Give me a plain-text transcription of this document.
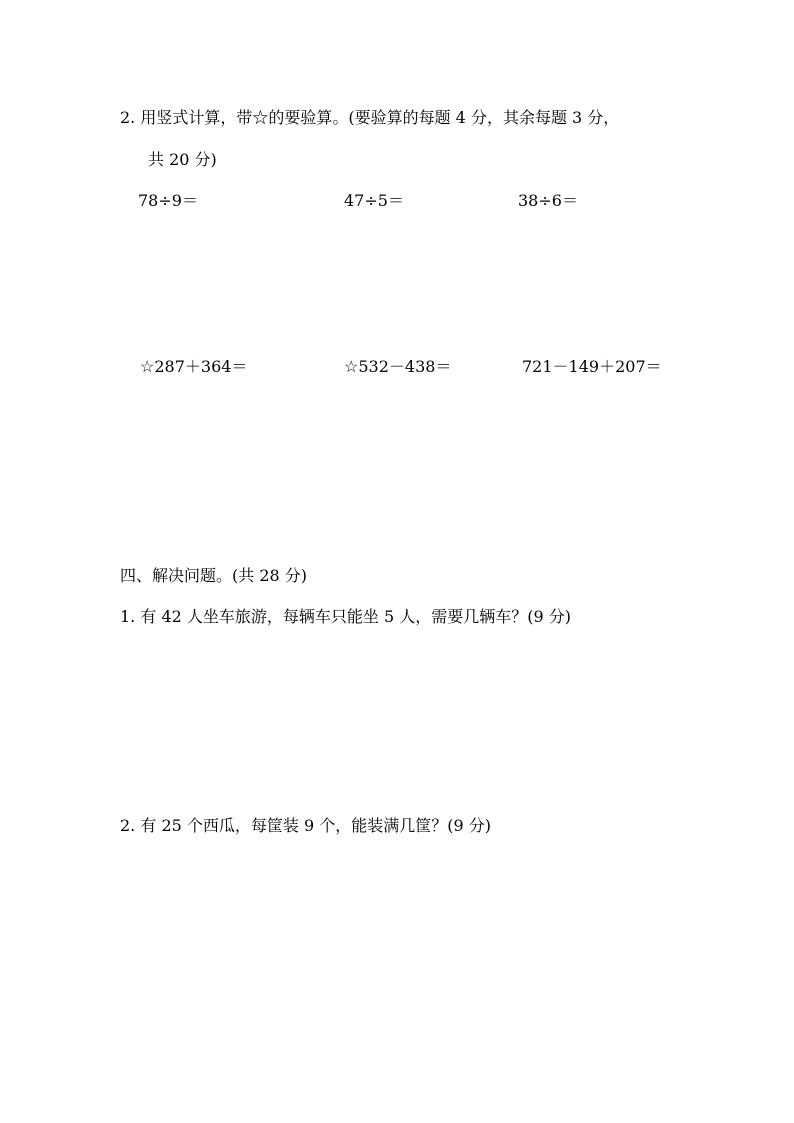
2. 用竖式计算，带☆的要验算。(要验算的每题 4 分，其余每题 3 分，
共 20 分)
78÷9＝	47÷5＝	38÷6＝
☆287＋364＝	☆532－438＝	721－149＋207＝
四、解决问题。(共 28 分)
1. 有 42 人坐车旅游，每辆车只能坐 5 人，需要几辆车？(9 分)
2. 有 25 个西瓜，每筐装 9 个，能装满几筐？(9 分)
